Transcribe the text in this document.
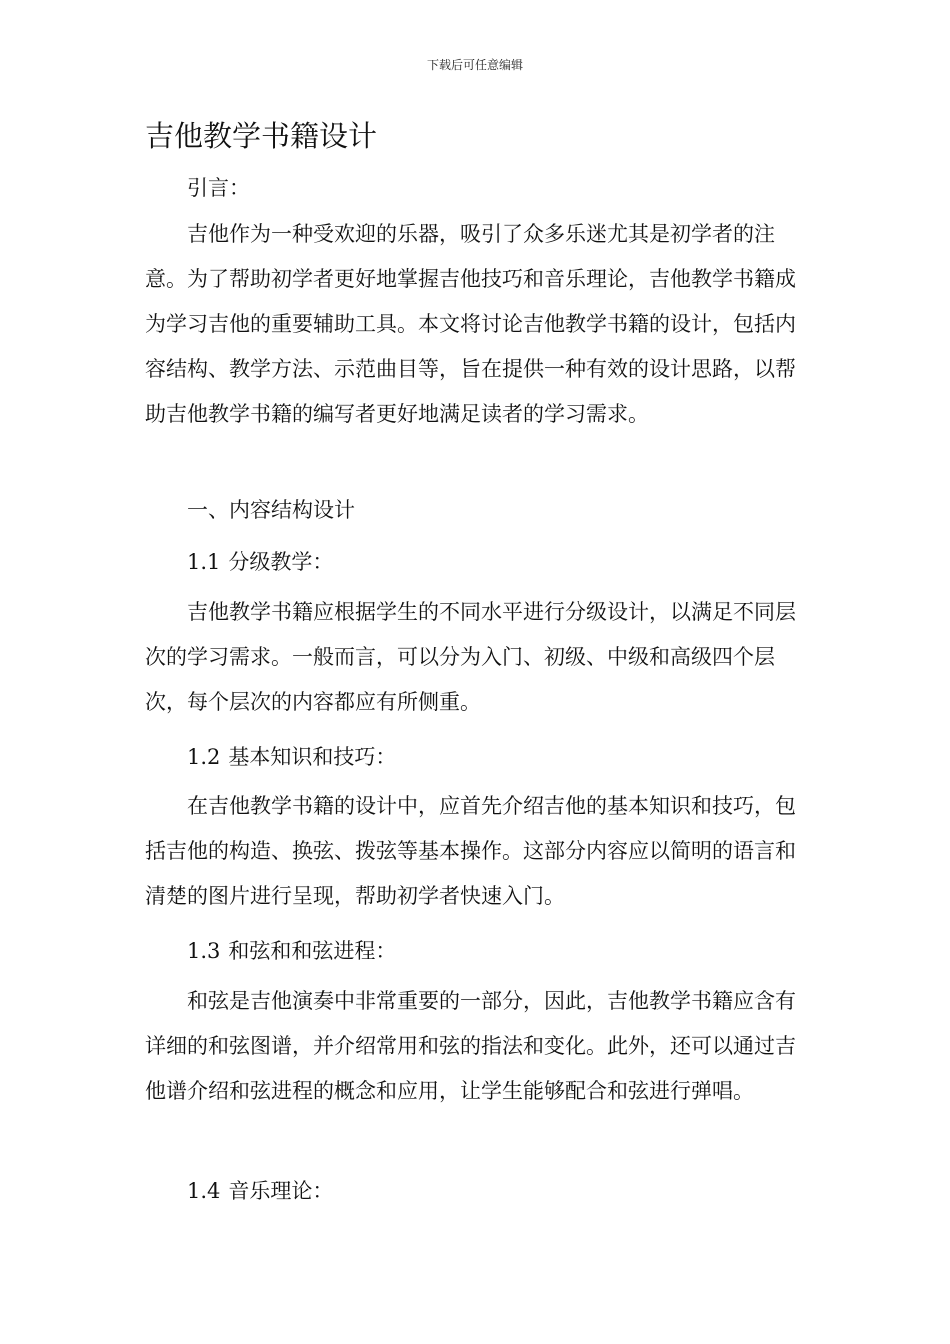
下载后可任意编辑
吉他教学书籍设计

引言：

吉他作为一种受欢迎的乐器，吸引了众多乐迷尤其是初学者的注意。为了帮助初学者更好地掌握吉他技巧和音乐理论，吉他教学书籍成为学习吉他的重要辅助工具。本文将讨论吉他教学书籍的设计，包括内容结构、教学方法、示范曲目等，旨在提供一种有效的设计思路，以帮助吉他教学书籍的编写者更好地满足读者的学习需求。

一、内容结构设计

1.1 分级教学：

吉他教学书籍应根据学生的不同水平进行分级设计，以满足不同层次的学习需求。一般而言，可以分为入门、初级、中级和高级四个层次，每个层次的内容都应有所侧重。

1.2 基本知识和技巧：

在吉他教学书籍的设计中，应首先介绍吉他的基本知识和技巧，包括吉他的构造、换弦、拨弦等基本操作。这部分内容应以简明的语言和清楚的图片进行呈现，帮助初学者快速入门。

1.3 和弦和和弦进程：

和弦是吉他演奏中非常重要的一部分，因此，吉他教学书籍应含有详细的和弦图谱，并介绍常用和弦的指法和变化。此外，还可以通过吉他谱介绍和弦进程的概念和应用，让学生能够配合和弦进行弹唱。

1.4 音乐理论：
